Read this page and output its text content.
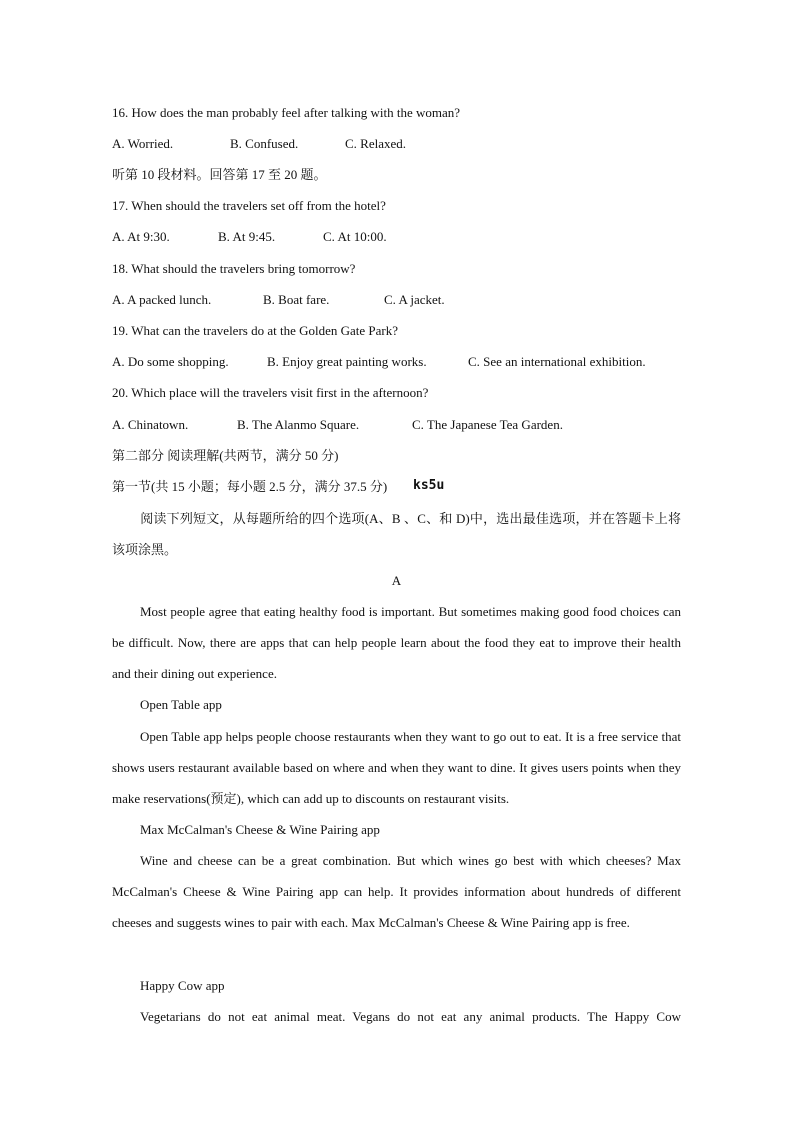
16. How does the man probably feel after talking with the woman?
A. Worried.	B. Confused.	C. Relaxed.
听第 10 段材料。回答第 17 至 20 题。
17. When should the travelers set off from the hotel?
A. At 9:30.	B. At 9:45.	C. At 10:00.
18. What should the travelers bring tomorrow?
A. A packed lunch.	B. Boat fare.	C. A jacket.
19. What can the travelers do at the Golden Gate Park?
A. Do some shopping.	B. Enjoy great painting works.	C. See an international exhibition.
20. Which place will the travelers visit first in the afternoon?
A. Chinatown.	B. The Alanmo Square.	C. The Japanese Tea Garden.
第二部分 阅读理解(共两节，满分 50 分)
第一节(共 15 小题；每小题 2.5 分，满分 37.5 分) ks5u
阅读下列短文，从每题所给的四个选项(A、B 、C、和 D)中，选出最佳选项，并在答题卡上将该项涂黑。
A
Most people agree that eating healthy food is important. But sometimes making good food choices can be difficult. Now, there are apps that can help people learn about the food they eat to improve their health and their dining out experience.
Open Table app
Open Table app helps people choose restaurants when they want to go out to eat. It is a free service that shows users restaurant available based on where and when they want to dine. It gives users points when they make reservations(预定), which can add up to discounts on restaurant visits.
Max McCalman's Cheese & Wine Pairing app
Wine and cheese can be a great combination. But which wines go best with which cheeses? Max McCalman's Cheese & Wine Pairing app can help. It provides information about hundreds of different cheeses and suggests wines to pair with each. Max McCalman's Cheese & Wine Pairing app is free.
Happy Cow app
Vegetarians do not eat animal meat. Vegans do not eat any animal products. The Happy Cow
